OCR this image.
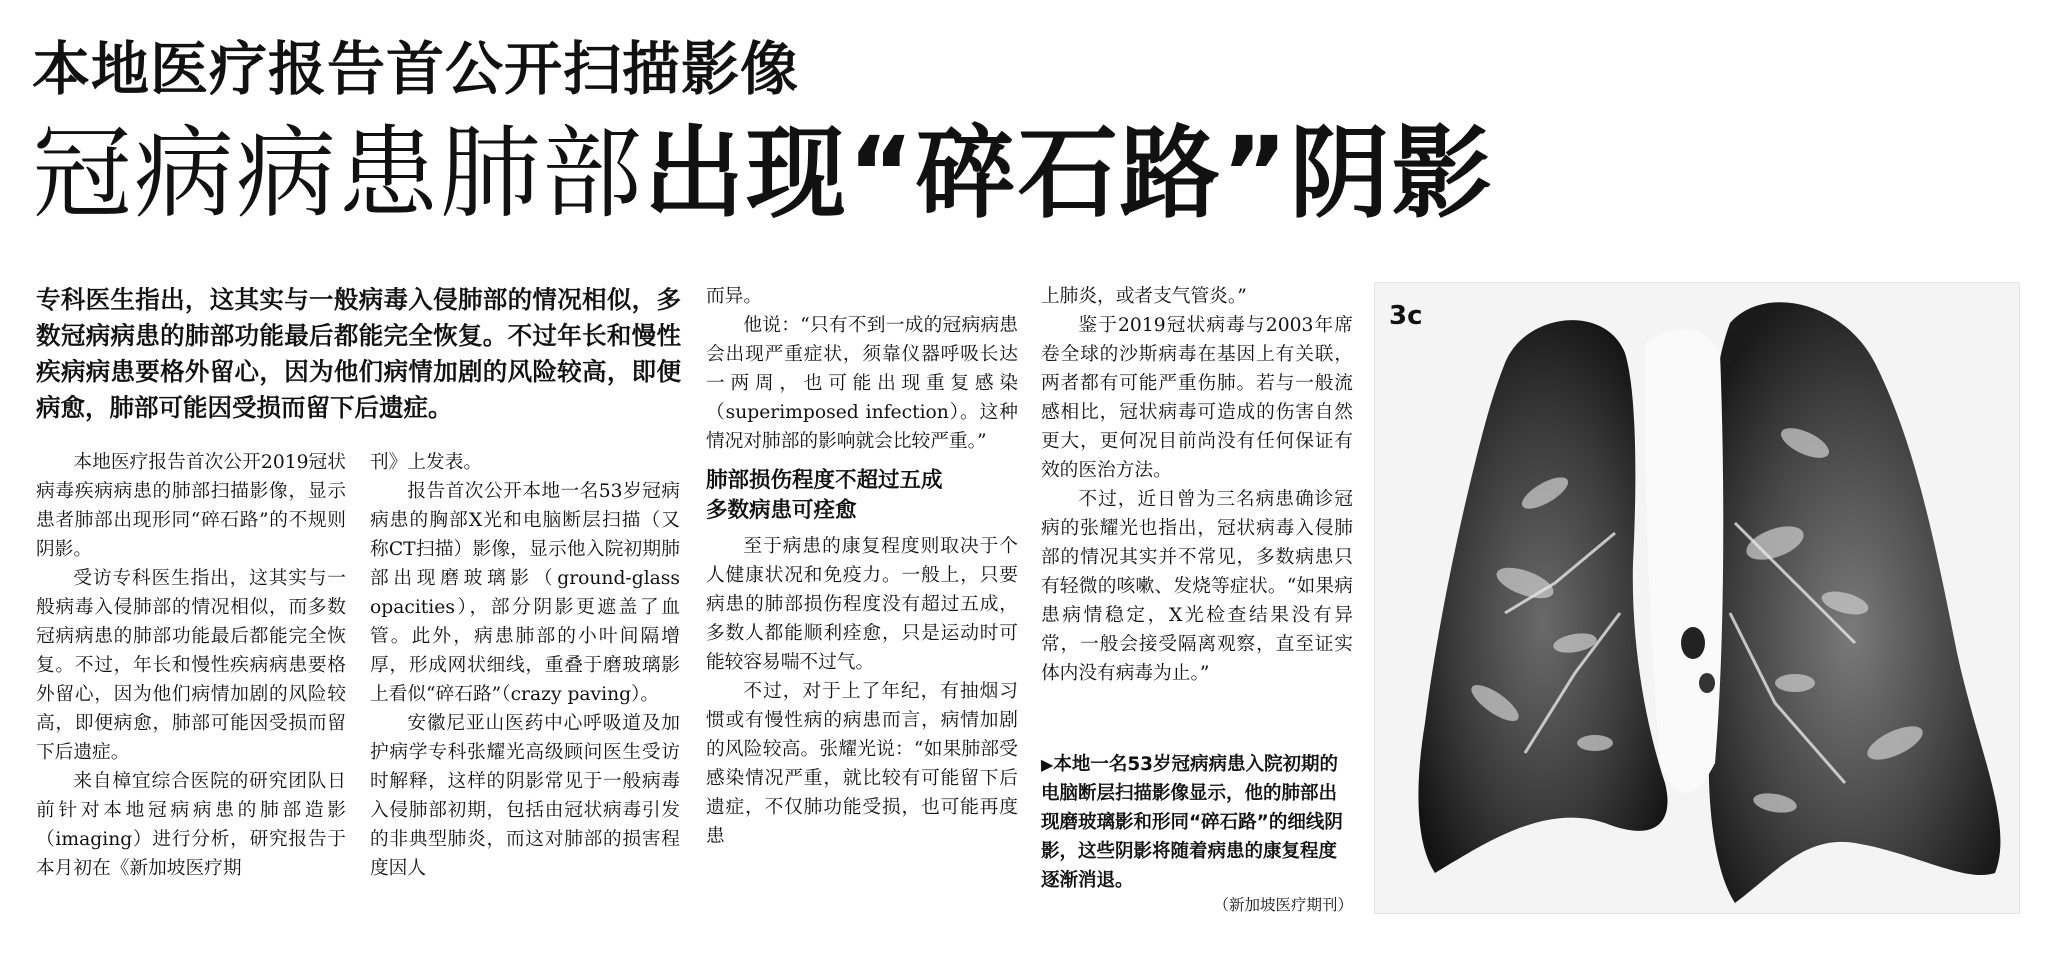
本地医疗报告首公开扫描影像
冠病病患肺部出现“碎石路”阴影
专科医生指出，这其实与一般病毒入侵肺部的情况相似，多数冠病病患的肺部功能最后都能完全恢复。不过年长和慢性疾病病患要格外留心，因为他们病情加剧的风险较高，即便病愈，肺部可能因受损而留下后遗症。

本地医疗报告首次公开2019冠状病毒疾病病患的肺部扫描影像，显示患者肺部出现形同“碎石路”的不规则阴影。

受访专科医生指出，这其实与一般病毒入侵肺部的情况相似，而多数冠病病患的肺部功能最后都能完全恢复。不过，年长和慢性疾病病患要格外留心，因为他们病情加剧的风险较高，即便病愈，肺部可能因受损而留下后遗症。

来自樟宜综合医院的研究团队日前针对本地冠病病患的肺部造影（imaging）进行分析，研究报告于本月初在《新加坡医疗期

刊》上发表。

报告首次公开本地一名53岁冠病病患的胸部X光和电脑断层扫描（又称CT扫描）影像，显示他入院初期肺部出现磨玻璃影（ground-glass opacities），部分阴影更遮盖了血管。此外，病患肺部的小叶间隔增厚，形成网状细线，重叠于磨玻璃影上看似“碎石路”（crazy paving）。

安徽尼亚山医药中心呼吸道及加护病学专科张耀光高级顾问医生受访时解释，这样的阴影常见于一般病毒入侵肺部初期，包括由冠状病毒引发的非典型肺炎，而这对肺部的损害程度因人

而异。

他说：“只有不到一成的冠病病患会出现严重症状，须靠仪器呼吸长达一两周，也可能出现重复感染（superimposed infection）。这种情况对肺部的影响就会比较严重。”

肺部损伤程度不超过五成
多数病患可痊愈

至于病患的康复程度则取决于个人健康状况和免疫力。一般上，只要病患的肺部损伤程度没有超过五成，多数人都能顺利痊愈，只是运动时可能较容易喘不过气。

不过，对于上了年纪，有抽烟习惯或有慢性病的病患而言，病情加剧的风险较高。张耀光说：“如果肺部受感染情况严重，就比较有可能留下后遗症，不仅肺功能受损，也可能再度患

上肺炎，或者支气管炎。”

鉴于2019冠状病毒与2003年席卷全球的沙斯病毒在基因上有关联，两者都有可能严重伤肺。若与一般流感相比，冠状病毒可造成的伤害自然更大，更何况目前尚没有任何保证有效的医治方法。

不过，近日曾为三名病患确诊冠病的张耀光也指出，冠状病毒入侵肺部的情况其实并不常见，多数病患只有轻微的咳嗽、发烧等症状。“如果病患病情稳定，X光检查结果没有异常，一般会接受隔离观察，直至证实体内没有病毒为止。”

▶本地一名53岁冠病病患入院初期的电脑断层扫描影像显示，他的肺部出现磨玻璃影和形同“碎石路”的细线阴影，这些阴影将随着病患的康复程度逐渐消退。
（新加坡医疗期刊）
3c
